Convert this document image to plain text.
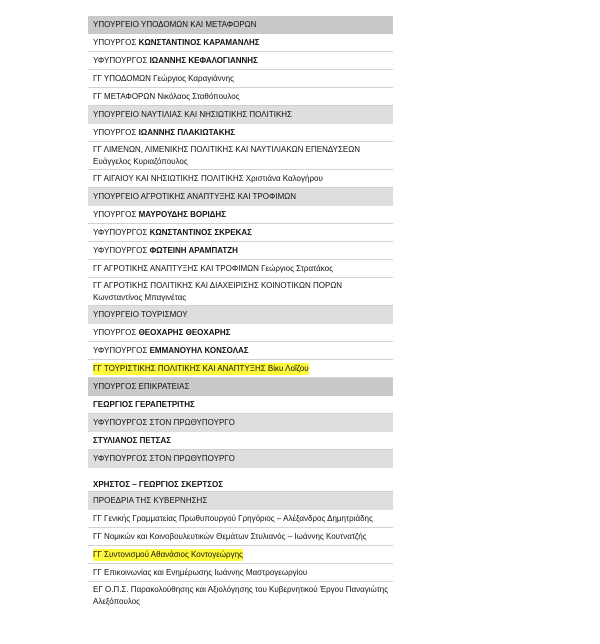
ΥΠΟΥΡΓΕΙΟ ΥΠΟΔΟΜΩΝ ΚΑΙ ΜΕΤΑΦΟΡΩΝ
ΥΠΟΥΡΓΟΣ ΚΩΝΣΤΑΝΤΙΝΟΣ ΚΑΡΑΜΑΝΛΗΣ
ΥΦΥΠΟΥΡΓΟΣ ΙΩΑΝΝΗΣ ΚΕΦΑΛΟΓΙΑΝΝΗΣ
ΓΓ ΥΠΟΔΟΜΩΝ Γεώργιος Καραγιάννης
ΓΓ ΜΕΤΑΦΟΡΩΝ Νικόλαος Σταθόπουλος
ΥΠΟΥΡΓΕΙΟ ΝΑΥΤΙΛΙΑΣ ΚΑΙ ΝΗΣΙΩΤΙΚΗΣ ΠΟΛΙΤΙΚΗΣ
ΥΠΟΥΡΓΟΣ ΙΩΑΝΝΗΣ ΠΛΑΚΙΩΤΑΚΗΣ
ΓΓ ΛΙΜΕΝΩΝ, ΛΙΜΕΝΙΚΗΣ ΠΟΛΙΤΙΚΗΣ ΚΑΙ ΝΑΥΤΙΛΙΑΚΩΝ ΕΠΕΝΔΥΣΕΩΝ Ευάγγελος Κυριαζόπουλος
ΓΓ ΑΙΓΑΙΟΥ ΚΑΙ ΝΗΣΙΩΤΙΚΗΣ ΠΟΛΙΤΙΚΗΣ Χριστιάνα Καλογήρου
ΥΠΟΥΡΓΕΙΟ ΑΓΡΟΤΙΚΗΣ ΑΝΑΠΤΥΞΗΣ ΚΑΙ ΤΡΟΦΙΜΩΝ
ΥΠΟΥΡΓΟΣ ΜΑΥΡΟΥΔΗΣ ΒΟΡΙΔΗΣ
ΥΦΥΠΟΥΡΓΟΣ ΚΩΝΣΤΑΝΤΙΝΟΣ ΣΚΡΕΚΑΣ
ΥΦΥΠΟΥΡΓΟΣ ΦΩΤΕΙΝΗ ΑΡΑΜΠΑΤΖΗ
ΓΓ ΑΓΡΟΤΙΚΗΣ ΑΝΑΠΤΥΞΗΣ ΚΑΙ ΤΡΟΦΙΜΩΝ Γεώργιος Στρατάκος
ΓΓ ΑΓΡΟΤΙΚΗΣ ΠΟΛΙΤΙΚΗΣ ΚΑΙ ΔΙΑΧΕΙΡΙΣΗΣ ΚΟΙΝΟΤΙΚΩΝ ΠΟΡΩΝ Κωνσταντίνος Μπαγινέτας
ΥΠΟΥΡΓΕΙΟ ΤΟΥΡΙΣΜΟΥ
ΥΠΟΥΡΓΟΣ ΘΕΟΧΑΡΗΣ ΘΕΟΧΑΡΗΣ
ΥΦΥΠΟΥΡΓΟΣ ΕΜΜΑΝΟΥΗΛ ΚΟΝΣΟΛΑΣ
ΓΓ ΤΟΥΡΙΣΤΙΚΗΣ ΠΟΛΙΤΙΚΗΣ ΚΑΙ ΑΝΑΠΤΥΞΗΣ Βίκυ Λοΐζου
ΥΠΟΥΡΓΟΣ ΕΠΙΚΡΑΤΕΙΑΣ
ΓΕΩΡΓΙΟΣ ΓΕΡΑΠΕΤΡΙΤΗΣ
ΥΦΥΠΟΥΡΓΟΣ ΣΤΟΝ ΠΡΩΘΥΠΟΥΡΓΟ
ΣΤΥΛΙΑΝΟΣ ΠΕΤΣΑΣ
ΥΦΥΠΟΥΡΓΟΣ ΣΤΟΝ ΠΡΩΘΥΠΟΥΡΓΟ
ΧΡΗΣΤΟΣ – ΓΕΩΡΓΙΟΣ ΣΚΕΡΤΣΟΣ
ΠΡΟΕΔΡΙΑ ΤΗΣ ΚΥΒΕΡΝΗΣΗΣ
ΓΓ Γενικής Γραμματείας Πρωθυπουργού Γρηγόριος – Αλέξανδρος Δημητριάδης
ΓΓ Νομικών και Κοινοβουλευτικών Θεμάτων Στυλιανός – Ιωάννης Κουτνατζής
ΓΓ Συντονισμού Αθανάσιος Κοντογεώργης
ΓΓ Επικοινωνίας και Ενημέρωσης Ιωάννης Μαστρογεωργίου
ΕΓ Ο.Π.Σ. Παρακολούθησης και Αξιολόγησης του Κυβερνητικού Έργου Παναγιώτης Αλεξόπουλος
